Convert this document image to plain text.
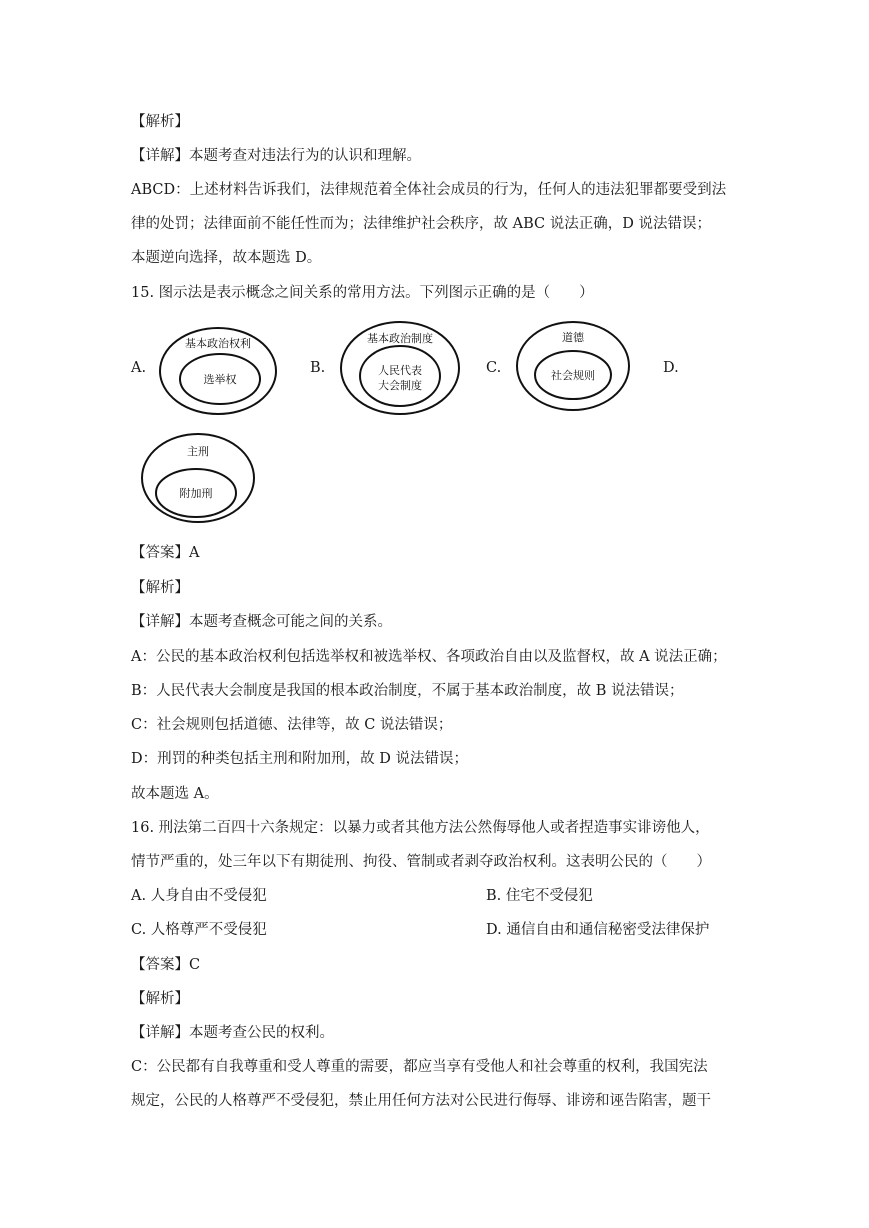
【解析】
【详解】本题考查对违法行为的认识和理解。
ABCD：上述材料告诉我们，法律规范着全体社会成员的行为，任何人的违法犯罪都要受到法
律的处罚；法律面前不能任性而为；法律维护社会秩序，故 ABC 说法正确，D 说法错误；
本题逆向选择，故本题选 D。
15. 图示法是表示概念之间关系的常用方法。下列图示正确的是（　　）
A.
基本政治权利
选举权
B.
基本政治制度
人民代表
大会制度
C.
道德
社会规则	D.
主刑
附加刑
【答案】A
【解析】
【详解】本题考查概念可能之间的关系。
A：公民的基本政治权利包括选举权和被选举权、各项政治自由以及监督权，故 A 说法正确；
B：人民代表大会制度是我国的根本政治制度，不属于基本政治制度，故 B 说法错误；
C：社会规则包括道德、法律等，故 C 说法错误；
D：刑罚的种类包括主刑和附加刑，故 D 说法错误；
故本题选 A。
16. 刑法第二百四十六条规定：以暴力或者其他方法公然侮辱他人或者捏造事实诽谤他人，
情节严重的，处三年以下有期徒刑、拘役、管制或者剥夺政治权利。这表明公民的（　　）
A. 人身自由不受侵犯	B. 住宅不受侵犯
C. 人格尊严不受侵犯	D. 通信自由和通信秘密受法律保护
【答案】C
【解析】
【详解】本题考查公民的权利。
C：公民都有自我尊重和受人尊重的需要，都应当享有受他人和社会尊重的权利，我国宪法
规定，公民的人格尊严不受侵犯，禁止用任何方法对公民进行侮辱、诽谤和诬告陷害，题干
